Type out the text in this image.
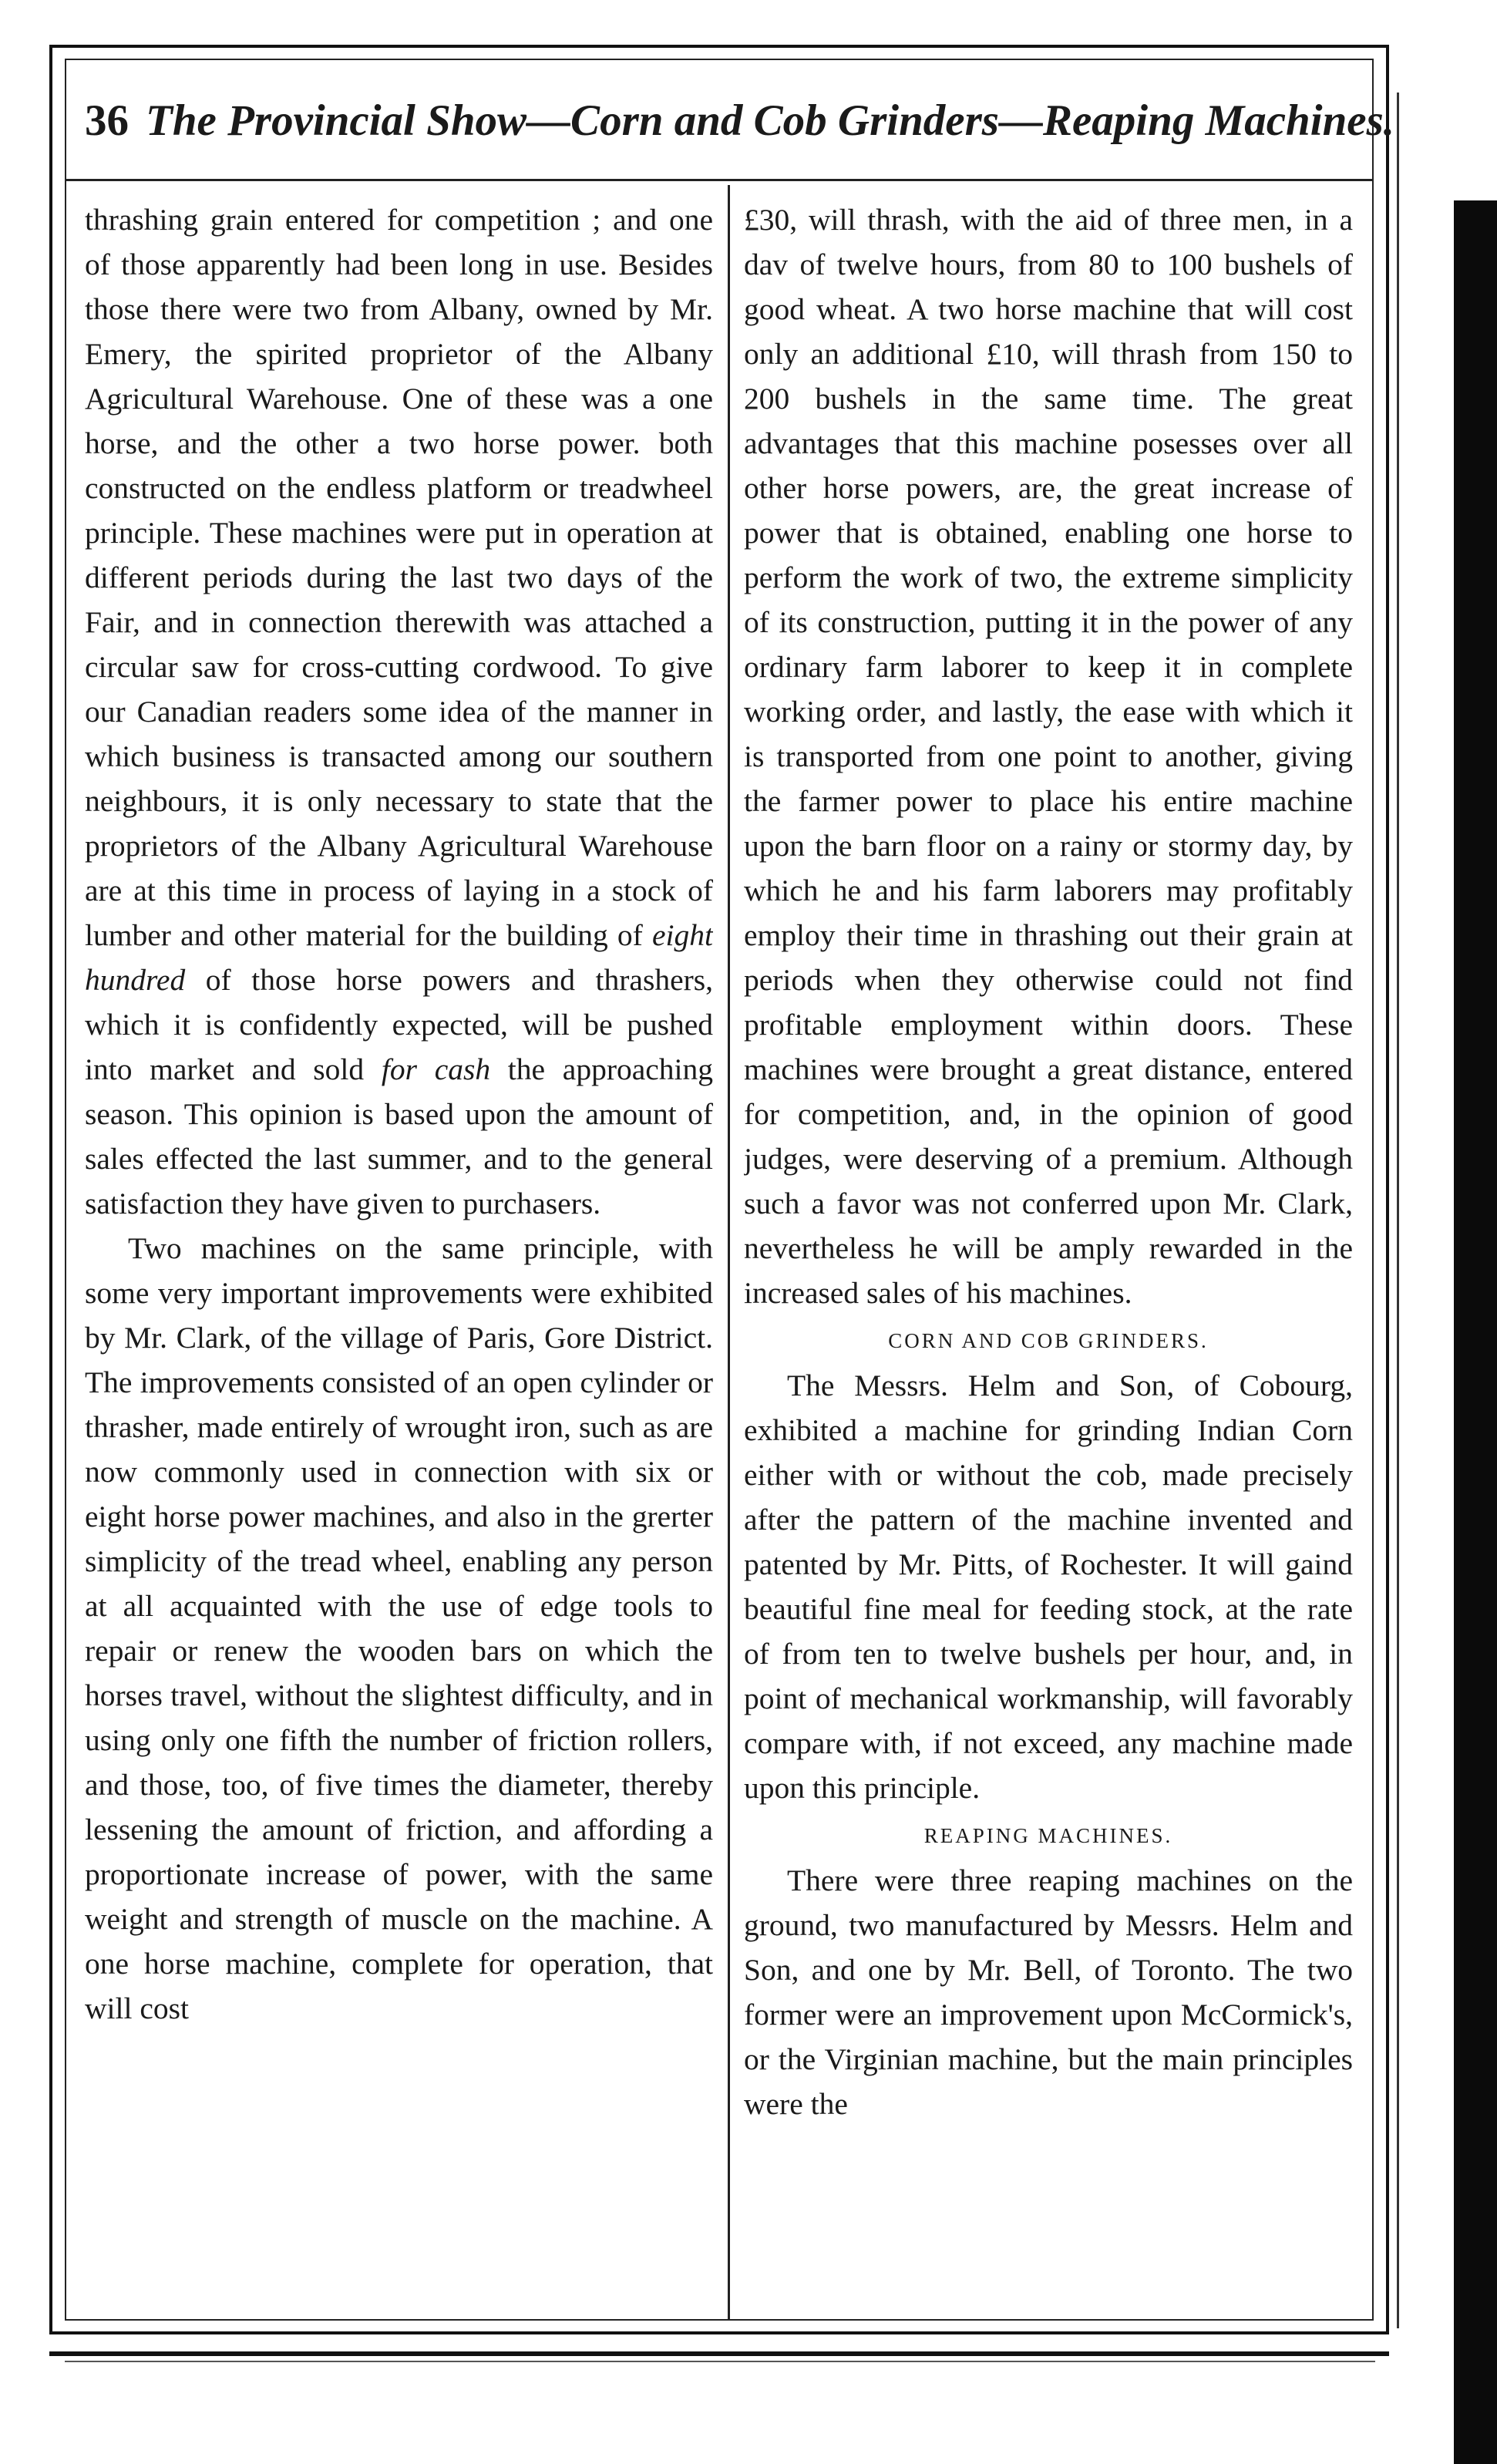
36 The Provincial Show—Corn and Cob Grinders—Reaping Machines.

thrashing grain entered for competition ; and one of those apparently had been long in use. Besides those there were two from Albany, owned by Mr. Emery, the spirited proprietor of the Albany Agricultural Warehouse. One of these was a one horse, and the other a two horse power. both constructed on the endless platform or treadwheel principle. These machines were put in operation at different periods during the last two days of the Fair, and in connection therewith was attached a circular saw for cross-cutting cordwood. To give our Canadian readers some idea of the manner in which business is transacted among our southern neighbours, it is only necessary to state that the proprietors of the Albany Agricultural Warehouse are at this time in process of laying in a stock of lumber and other material for the building of eight hundred of those horse powers and thrashers, which it is confidently expected, will be pushed into market and sold for cash the approaching season. This opinion is based upon the amount of sales effected the last summer, and to the general satisfaction they have given to purchasers.

Two machines on the same principle, with some very important improvements were exhibited by Mr. Clark, of the village of Paris, Gore District. The improvements consisted of an open cylinder or thrasher, made entirely of wrought iron, such as are now commonly used in connection with six or eight horse power machines, and also in the grerter simplicity of the tread wheel, enabling any person at all acquainted with the use of edge tools to repair or renew the wooden bars on which the horses travel, without the slightest difficulty, and in using only one fifth the number of friction rollers, and those, too, of five times the diameter, thereby lessening the amount of friction, and affording a proportionate increase of power, with the same weight and strength of muscle on the machine. A one horse machine, complete for operation, that will cost

£30, will thrash, with the aid of three men, in a dav of twelve hours, from 80 to 100 bushels of good wheat. A two horse machine that will cost only an additional £10, will thrash from 150 to 200 bushels in the same time. The great advantages that this machine posesses over all other horse powers, are, the great increase of power that is obtained, enabling one horse to perform the work of two, the extreme simplicity of its construction, putting it in the power of any ordinary farm laborer to keep it in complete working order, and lastly, the ease with which it is transported from one point to another, giving the farmer power to place his entire machine upon the barn floor on a rainy or stormy day, by which he and his farm laborers may profitably employ their time in thrashing out their grain at periods when they otherwise could not find profitable employment within doors. These machines were brought a great distance, entered for competition, and, in the opinion of good judges, were deserving of a premium. Although such a favor was not conferred upon Mr. Clark, nevertheless he will be amply rewarded in the increased sales of his machines.

CORN AND COB GRINDERS.

The Messrs. Helm and Son, of Cobourg, exhibited a machine for grinding Indian Corn either with or without the cob, made precisely after the pattern of the machine invented and patented by Mr. Pitts, of Rochester. It will gaind beautiful fine meal for feeding stock, at the rate of from ten to twelve bushels per hour, and, in point of mechanical workmanship, will favorably compare with, if not exceed, any machine made upon this principle.

REAPING MACHINES.

There were three reaping machines on the ground, two manufactured by Messrs. Helm and Son, and one by Mr. Bell, of Toronto. The two former were an improvement upon McCormick's, or the Virginian machine, but the main principles were the
